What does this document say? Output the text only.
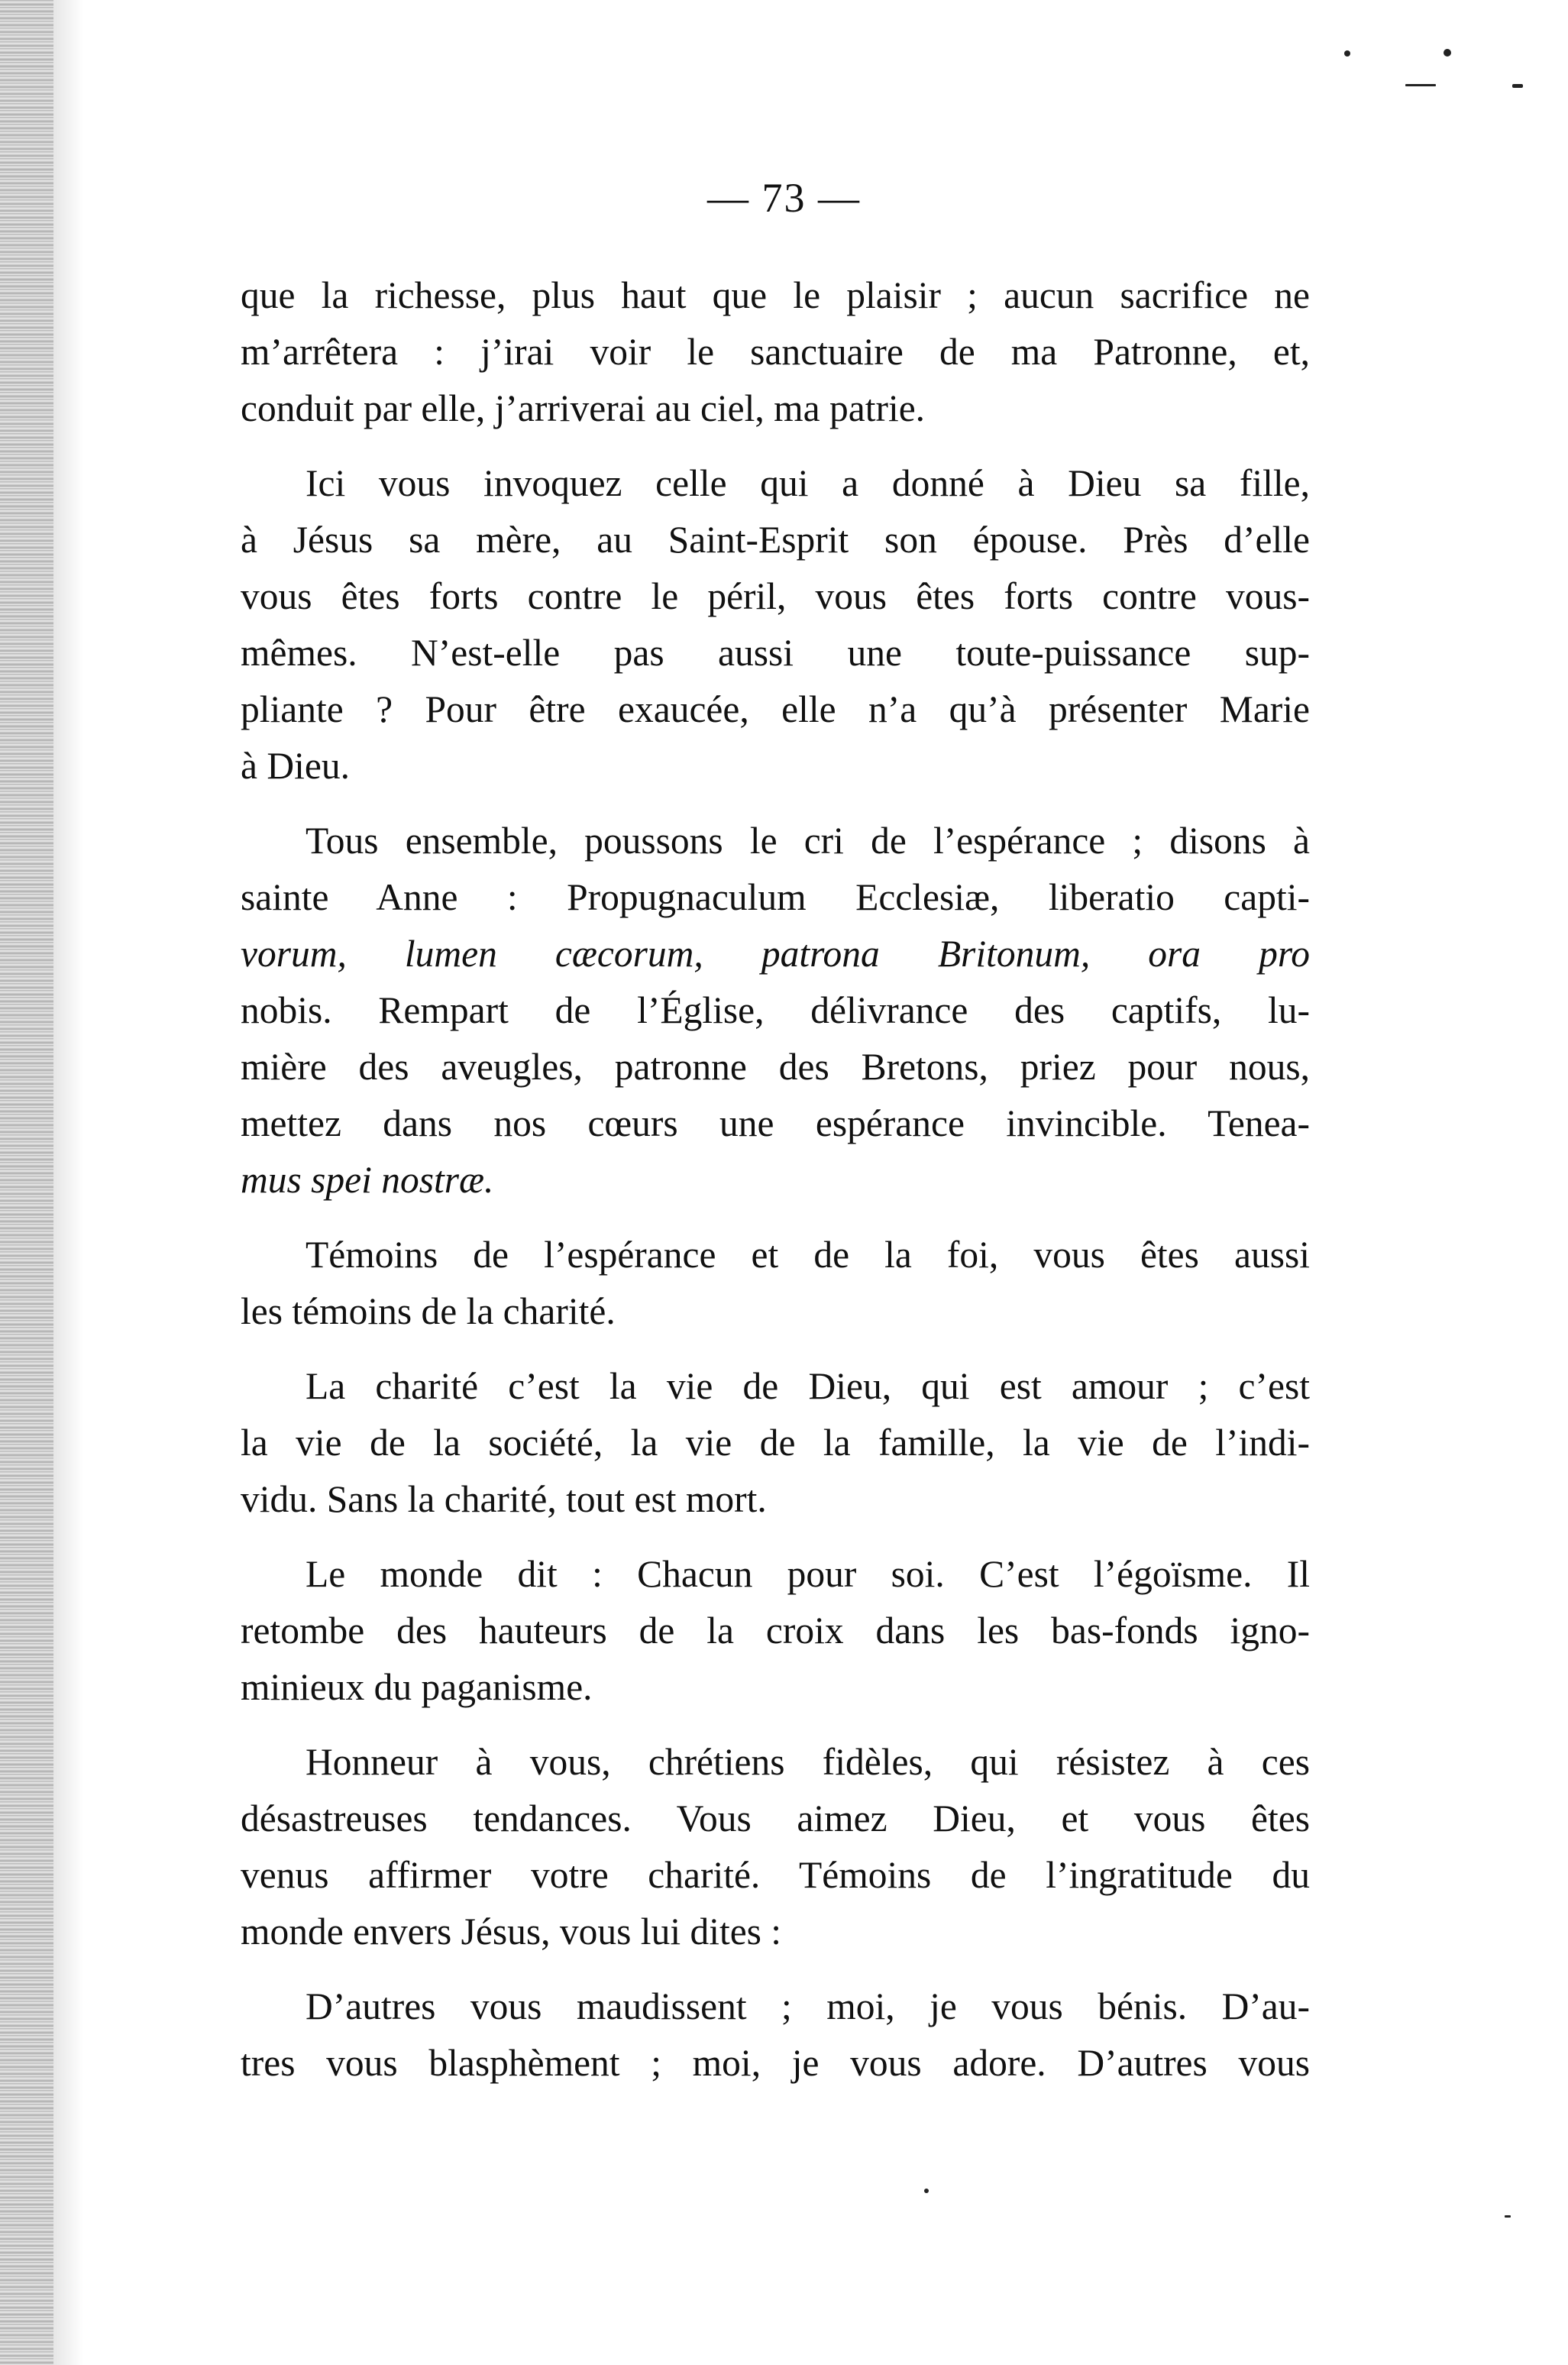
— 73 —

que la richesse, plus haut que le plaisir ; aucun sacrifice ne
m’arrêtera : j’irai voir le sanctuaire de ma Patronne, et,
conduit par elle, j’arriverai au ciel, ma patrie.

Ici vous invoquez celle qui a donné à Dieu sa fille,
à Jésus sa mère, au Saint-Esprit son épouse. Près d’elle
vous êtes forts contre le péril, vous êtes forts contre vous-
mêmes. N’est-elle pas aussi une toute-puissance sup-
pliante ? Pour être exaucée, elle n’a qu’à présenter Marie
à Dieu.

Tous ensemble, poussons le cri de l’espérance ; disons à
sainte Anne : Propugnaculum Ecclesiæ, liberatio capti-
vorum, lumen cæcorum, patrona Britonum, ora pro
nobis. Rempart de l’Église, délivrance des captifs, lu-
mière des aveugles, patronne des Bretons, priez pour nous,
mettez dans nos cœurs une espérance invincible. Tenea-
mus spei nostræ.

Témoins de l’espérance et de la foi, vous êtes aussi
les témoins de la charité.

La charité c’est la vie de Dieu, qui est amour ; c’est
la vie de la société, la vie de la famille, la vie de l’indi-
vidu. Sans la charité, tout est mort.

Le monde dit : Chacun pour soi. C’est l’égoïsme. Il
retombe des hauteurs de la croix dans les bas-fonds igno-
minieux du paganisme.

Honneur à vous, chrétiens fidèles, qui résistez à ces
désastreuses tendances. Vous aimez Dieu, et vous êtes
venus affirmer votre charité. Témoins de l’ingratitude du
monde envers Jésus, vous lui dites :

D’autres vous maudissent ; moi, je vous bénis. D’au-
tres vous blasphèment ; moi, je vous adore. D’autres vous
